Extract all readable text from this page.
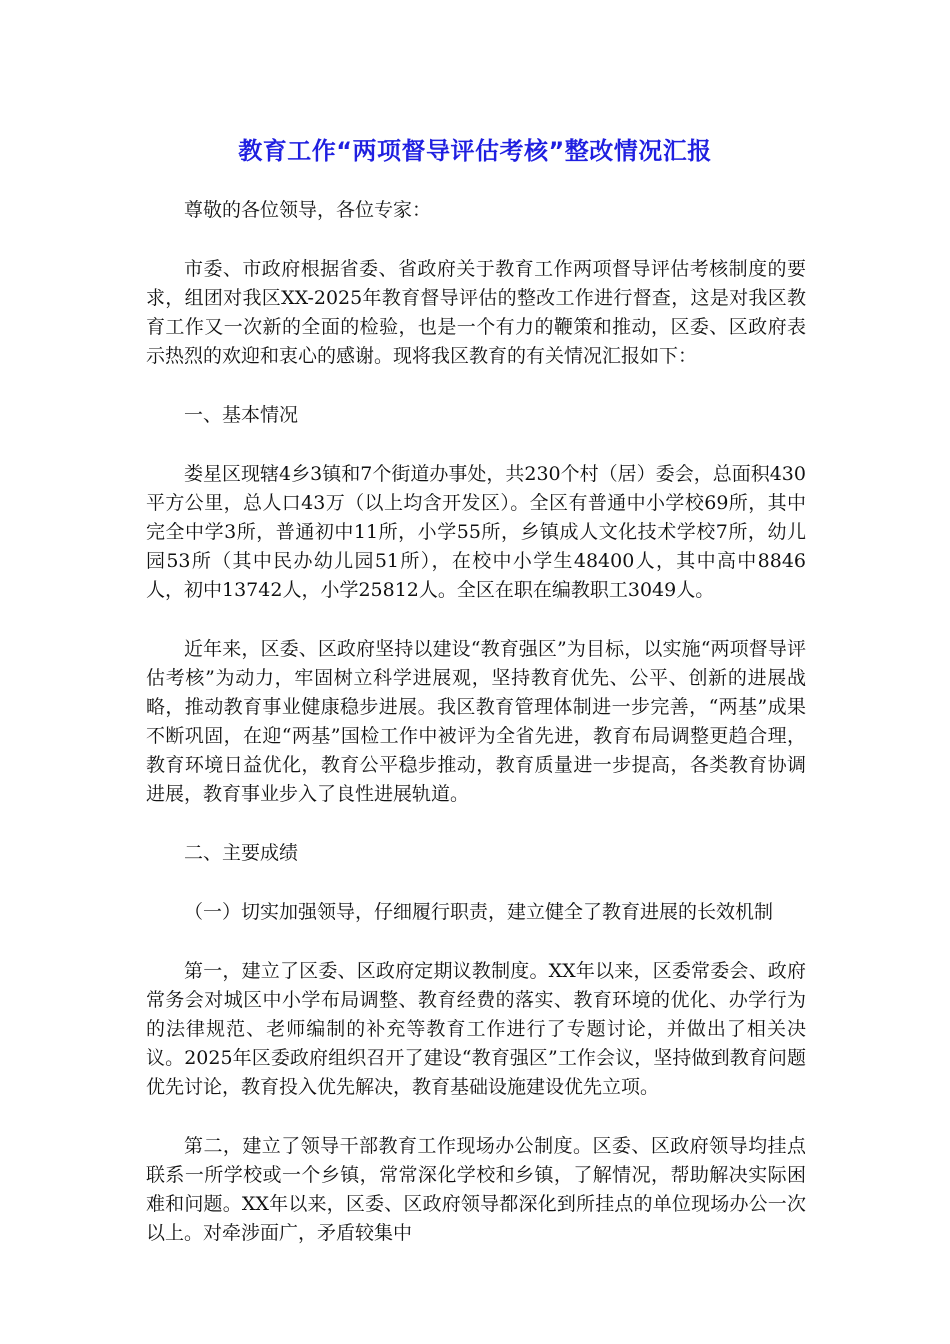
教育工作“两项督导评估考核”整改情况汇报

尊敬的各位领导，各位专家：

市委、市政府根据省委、省政府关于教育工作两项督导评估考核制度的要求，组团对我区XX-2025年教育督导评估的整改工作进行督查，这是对我区教育工作又一次新的全面的检验，也是一个有力的鞭策和推动，区委、区政府表示热烈的欢迎和衷心的感谢。现将我区教育的有关情况汇报如下：

一、基本情况

娄星区现辖4乡3镇和7个街道办事处，共230个村（居）委会，总面积430平方公里，总人口43万（以上均含开发区）。全区有普通中小学校69所，其中完全中学3所，普通初中11所，小学55所，乡镇成人文化技术学校7所，幼儿园53所（其中民办幼儿园51所），在校中小学生48400人，其中高中8846人，初中13742人，小学25812人。全区在职在编教职工3049人。

近年来，区委、区政府坚持以建设“教育强区”为目标，以实施“两项督导评估考核”为动力，牢固树立科学进展观，坚持教育优先、公平、创新的进展战略，推动教育事业健康稳步进展。我区教育管理体制进一步完善，“两基”成果不断巩固，在迎“两基”国检工作中被评为全省先进，教育布局调整更趋合理，教育环境日益优化，教育公平稳步推动，教育质量进一步提高，各类教育协调进展，教育事业步入了良性进展轨道。

二、主要成绩

（一）切实加强领导，仔细履行职责，建立健全了教育进展的长效机制

第一，建立了区委、区政府定期议教制度。XX年以来，区委常委会、政府常务会对城区中小学布局调整、教育经费的落实、教育环境的优化、办学行为的法律规范、老师编制的补充等教育工作进行了专题讨论，并做出了相关决议。2025年区委政府组织召开了建设“教育强区”工作会议，坚持做到教育问题优先讨论，教育投入优先解决，教育基础设施建设优先立项。

第二，建立了领导干部教育工作现场办公制度。区委、区政府领导均挂点联系一所学校或一个乡镇，常常深化学校和乡镇，了解情况，帮助解决实际困难和问题。XX年以来，区委、区政府领导都深化到所挂点的单位现场办公一次以上。对牵涉面广，矛盾较集中
